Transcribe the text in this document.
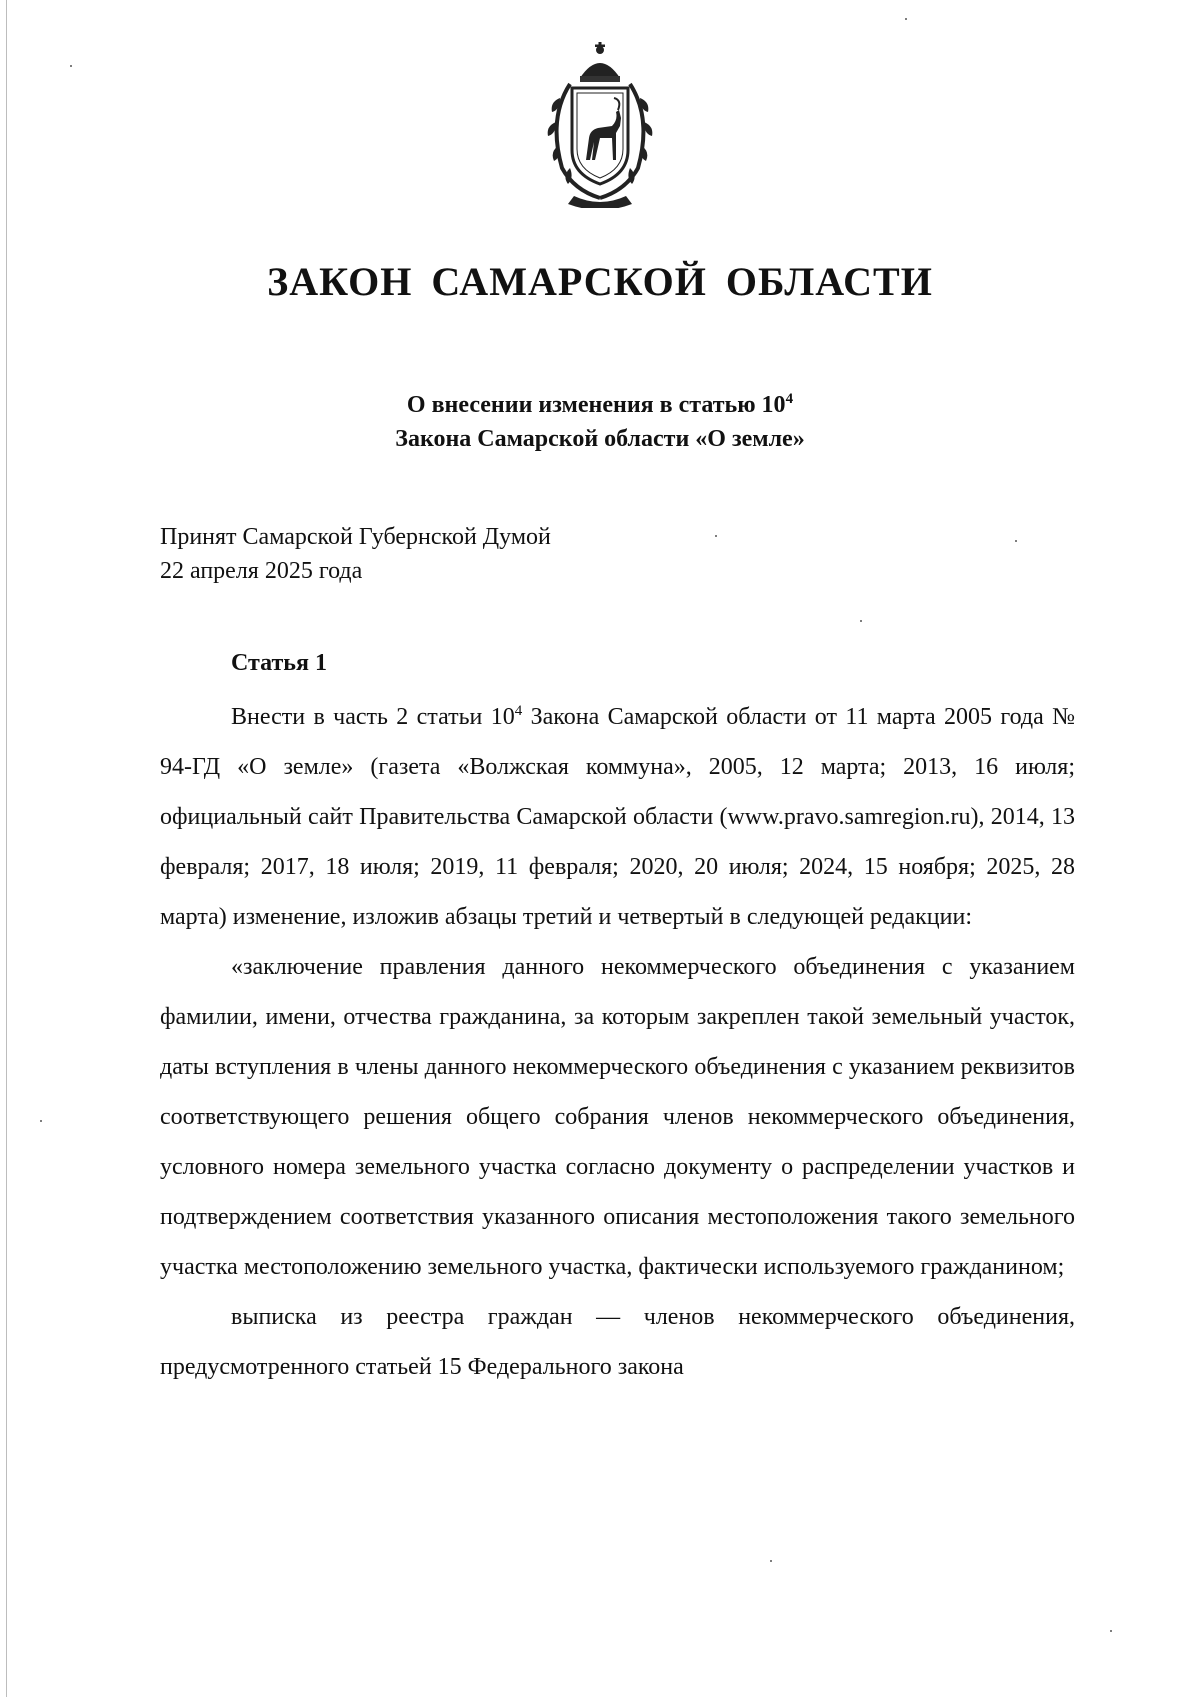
ЗАКОН САМАРСКОЙ ОБЛАСТИ
О внесении изменения в статью $10^4$
Закона Самарской области «О земле»
Принят Самарской Губернской Думой
22 апреля 2025 года
Статья 1

Внести в часть 2 статьи $10^4$ Закона Самарской области от 11 марта 2005 года № 94-ГД «О земле» (газета «Волжская коммуна», 2005, 12 марта; 2013, 16 июля; официальный сайт Правительства Самарской области (www.pravo.samregion.ru), 2014, 13 февраля; 2017, 18 июля; 2019, 11 февраля; 2020, 20 июля; 2024, 15 ноября; 2025, 28 марта) изменение, изложив абзацы третий и четвертый в следующей редакции:

«заключение правления данного некоммерческого объединения с указанием фамилии, имени, отчества гражданина, за которым закреплен такой земельный участок, даты вступления в члены данного некоммерческого объединения с указанием реквизитов соответствующего решения общего собрания членов некоммерческого объединения, условного номера земельного участка согласно документу о распределении участков и подтверждением соответствия указанного описания местоположения такого земельного участка местоположению земельного участка, фактически используемого гражданином;

выписка из реестра граждан — членов некоммерческого объединения, предусмотренного статьей 15 Федерального закона
